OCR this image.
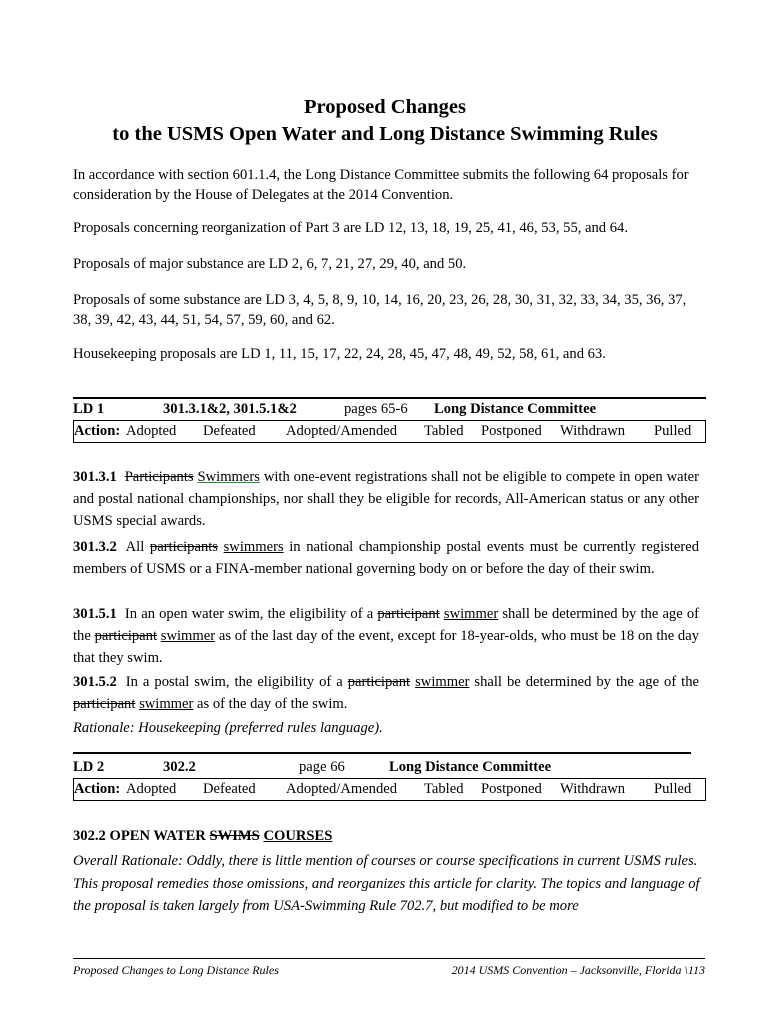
Proposed Changes
to the USMS Open Water and Long Distance Swimming Rules
In accordance with section 601.1.4, the Long Distance Committee submits the following 64 proposals for consideration by the House of Delegates at the 2014 Convention.
Proposals concerning reorganization of Part 3 are LD 12, 13, 18, 19, 25, 41, 46, 53, 55, and 64.
Proposals of major substance are LD 2, 6, 7, 21, 27, 29, 40, and 50.
Proposals of some substance are LD 3, 4, 5, 8, 9, 10, 14, 16, 20, 23, 26, 28, 30, 31, 32, 33, 34, 35, 36, 37, 38, 39, 42, 43, 44, 51, 54, 57, 59, 60, and 62.
Housekeeping proposals are LD 1, 11, 15, 17, 22, 24, 28, 45, 47, 48, 49, 52, 58, 61, and 63.
LD 1	301.3.1&2, 301.5.1&2	pages 65-6 Long Distance Committee
Action: Adopted Defeated Adopted/Amended Tabled Postponed Withdrawn Pulled
301.3.1 Participants Swimmers with one-event registrations shall not be eligible to compete in open water and postal national championships, nor shall they be eligible for records, All-American status or any other USMS special awards.
301.3.2 All participants swimmers in national championship postal events must be currently registered members of USMS or a FINA-member national governing body on or before the day of their swim.
301.5.1 In an open water swim, the eligibility of a participant swimmer shall be determined by the age of the participant swimmer as of the last day of the event, except for 18-year-olds, who must be 18 on the day that they swim.
301.5.2 In a postal swim, the eligibility of a participant swimmer shall be determined by the age of the participant swimmer as of the day of the swim.
Rationale: Housekeeping (preferred rules language).
LD 2	302.2	page 66	Long Distance Committee
Action: Adopted Defeated Adopted/Amended Tabled Postponed Withdrawn Pulled
302.2 OPEN WATER SWIMS COURSES
Overall Rationale: Oddly, there is little mention of courses or course specifications in current USMS rules. This proposal remedies those omissions, and reorganizes this article for clarity. The topics and language of the proposal is taken largely from USA-Swimming Rule 702.7, but modified to be more
Proposed Changes to Long Distance Rules	2014 USMS Convention – Jacksonville, Florida \113
